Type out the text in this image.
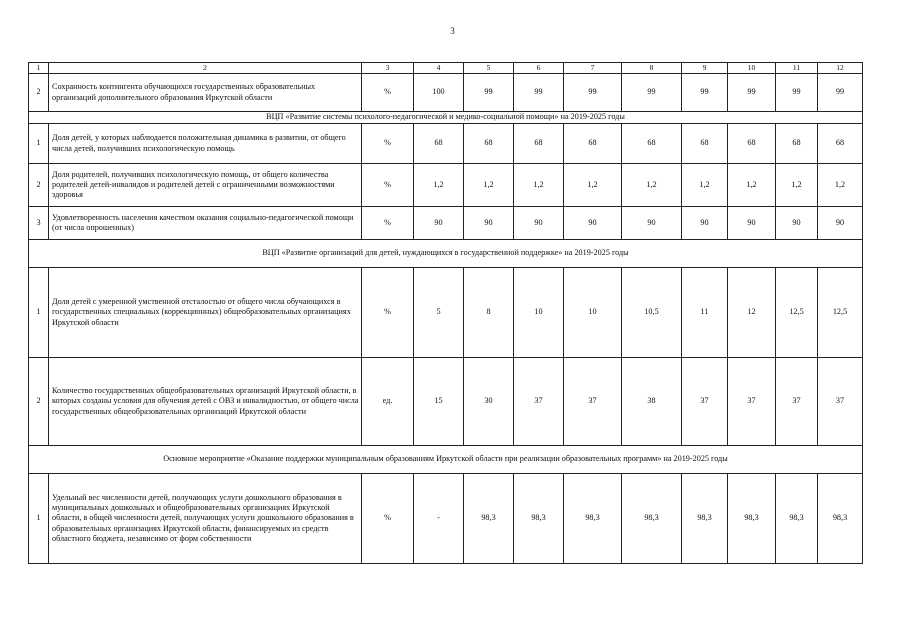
3
1	2	3	4	5	6	7	8	9	10	11	12
2	Сохранность контингента обучающихся государственных образовательных организаций дополнительного образования Иркутской области	%	100	99	99	99	99	99	99	99	99
ВЦП «Развитие системы психолого-педагогической и медико-социальной помощи» на 2019-2025 годы											
1	Доля детей, у которых наблюдается положительная динамика в развитии, от общего числа детей, получивших психологическую помощь	%	68	68	68	68	68	68	68	68	68
2	Доля родителей, получивших психологическую помощь, от общего количества родителей детей-инвалидов и родителей детей с ограниченными возможностями здоровья	%	1,2	1,2	1,2	1,2	1,2	1,2	1,2	1,2	1,2
3	Удовлетворенность населения качеством оказания социально-педагогической помощи (от числа опрошенных)	%	90	90	90	90	90	90	90	90	90
ВЦП «Развитие организаций для детей, нуждающихся в государственной поддержке» на 2019-2025 годы											
1	Доля детей с умеренной умственной отсталостью от общего числа обучающихся в государственных специальных (коррекционных) общеобразовательных организациях Иркутской области	%	5	8	10	10	10,5	11	12	12,5	12,5
2	Количество государственных общеобразовательных организаций Иркутской области, в которых созданы условия для обучения детей с ОВЗ и инвалидностью, от общего числа государственных общеобразовательных организаций Иркутской области	ед.	15	30	37	37	38	37	37	37	37
Основное мероприятие «Оказание поддержки муниципальным образованиям Иркутской области при реализации образовательных программ» на 2019-2025 годы											
1	Удельный вес численности детей, получающих услуги дошкольного образования в муниципальных дошкольных и общеобразовательных организациях Иркутской области, в общей численности детей, получающих услуги дошкольного образования в образовательных организациях Иркутской области, финансируемых из средств областного бюджета, независимо от форм собственности	%	-	98,3	98,3	98,3	98,3	98,3	98,3	98,3	98,3
